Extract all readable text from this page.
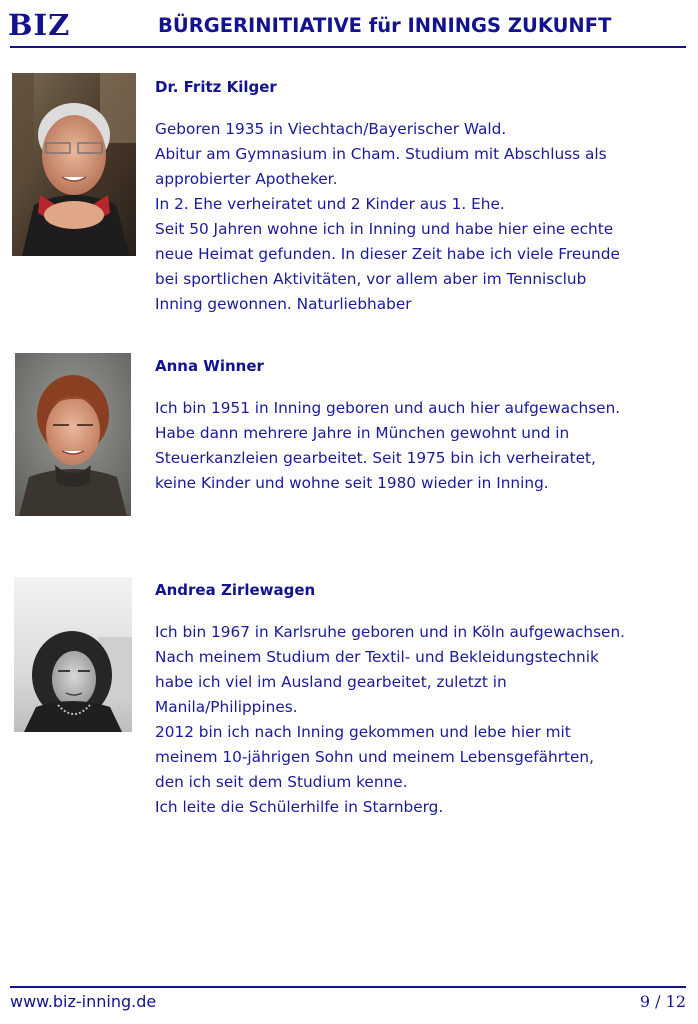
BIZ	BÜRGERINITIATIVE für INNINGS ZUKUNFT
Dr. Fritz Kilger
Geboren 1935 in Viechtach/Bayerischer Wald.
Abitur am Gymnasium in Cham. Studium mit Abschluss als
approbierter Apotheker.
In 2. Ehe verheiratet und 2 Kinder aus 1. Ehe.
Seit 50 Jahren wohne ich in Inning und habe hier eine echte
neue Heimat gefunden. In dieser Zeit habe ich viele Freunde
bei sportlichen Aktivitäten, vor allem aber im Tennisclub
Inning gewonnen. Naturliebhaber
Anna Winner
Ich bin 1951 in Inning geboren und auch hier aufgewachsen.
Habe dann mehrere Jahre in München gewohnt und in
Steuerkanzleien gearbeitet. Seit 1975 bin ich verheiratet,
keine Kinder und wohne seit 1980 wieder in Inning.
Andrea Zirlewagen
Ich bin 1967 in Karlsruhe geboren und in Köln aufgewachsen.
Nach meinem Studium der Textil- und Bekleidungstechnik
habe ich viel im Ausland gearbeitet, zuletzt in
Manila/Philippines.
2012 bin ich nach Inning gekommen und lebe hier mit
meinem 10-jährigen Sohn und meinem Lebensgefährten,
den ich seit dem Studium kenne.
Ich leite die Schülerhilfe in Starnberg.
www.biz-inning.de	9 / 12
